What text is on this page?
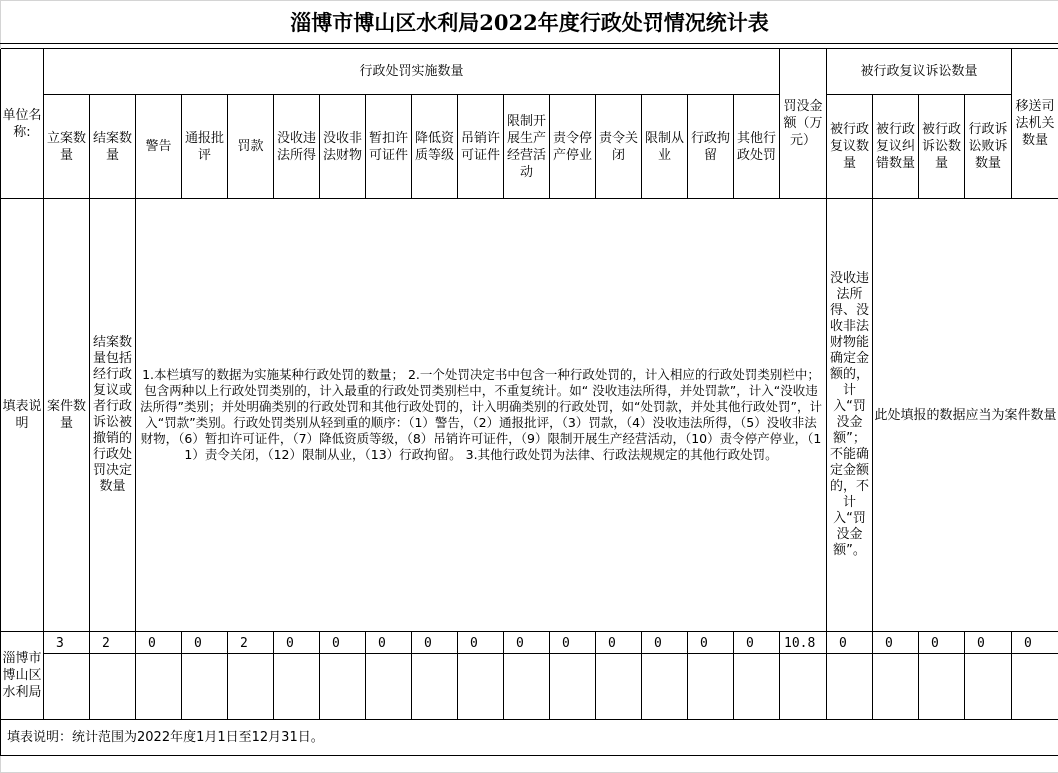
淄博市博山区水利局2022年度行政处罚情况统计表																						

单位名称:	行政处罚实施数量																罚没金额（万元）	被行政复议诉讼数量				移送司法机关数量
	立案数量	结案数量	警告	通报批评	罚款	没收违法所得	没收非法财物	暂扣许可证件	降低资质等级	吊销许可证件	限制开展生产经营活动	责令停产停业	责令关闭	限制从业	行政拘留	其他行政处罚		被行政复议数量	被行政复议纠错数量	被行政诉讼数量	行政诉讼败诉数量	
填表说明	案件数量	结案数量包括经行政复议或者行政诉讼被撤销的行政处罚决定数量	1.本栏填写的数据为实施某种行政处罚的数量； 2.一个处罚决定书中包含一种行政处罚的，计入相应的行政处罚类别栏中；包含两种以上行政处罚类别的，计入最重的行政处罚类别栏中，不重复统计。如“ 没收违法所得，并处罚款”，计入“没收违法所得”类别；并处明确类别的行政处罚和其他行政处罚的，计入明确类别的行政处罚，如“处罚款，并处其他行政处罚”，计入“罚款”类别。行政处罚类别从轻到重的顺序：（1）警告，（2）通报批评，（3）罚款，（4）没收违法所得，（5）没收非法财物，（6）暂扣许可证件，（7）降低资质等级，（8）吊销许可证件，（9）限制开展生产经营活动，（10）责令停产停业，（11）责令关闭，（12）限制从业，（13）行政拘留。 3.其他行政处罚为法律、行政法规规定的其他行政处罚。															没收违法所得、没收非法财物能确定金额的，计入“罚没金额”；不能确定金额的，不计入“罚没金额”。	此处填报的数据应当为案件数量			
淄博市博山区水利局	3	2	0	0	2	0	0	0	0	0	0	0	0	0	0	0	10.8	0	0	0	0	0

填表说明：统计范围为2022年度1月1日至12月31日。																						
